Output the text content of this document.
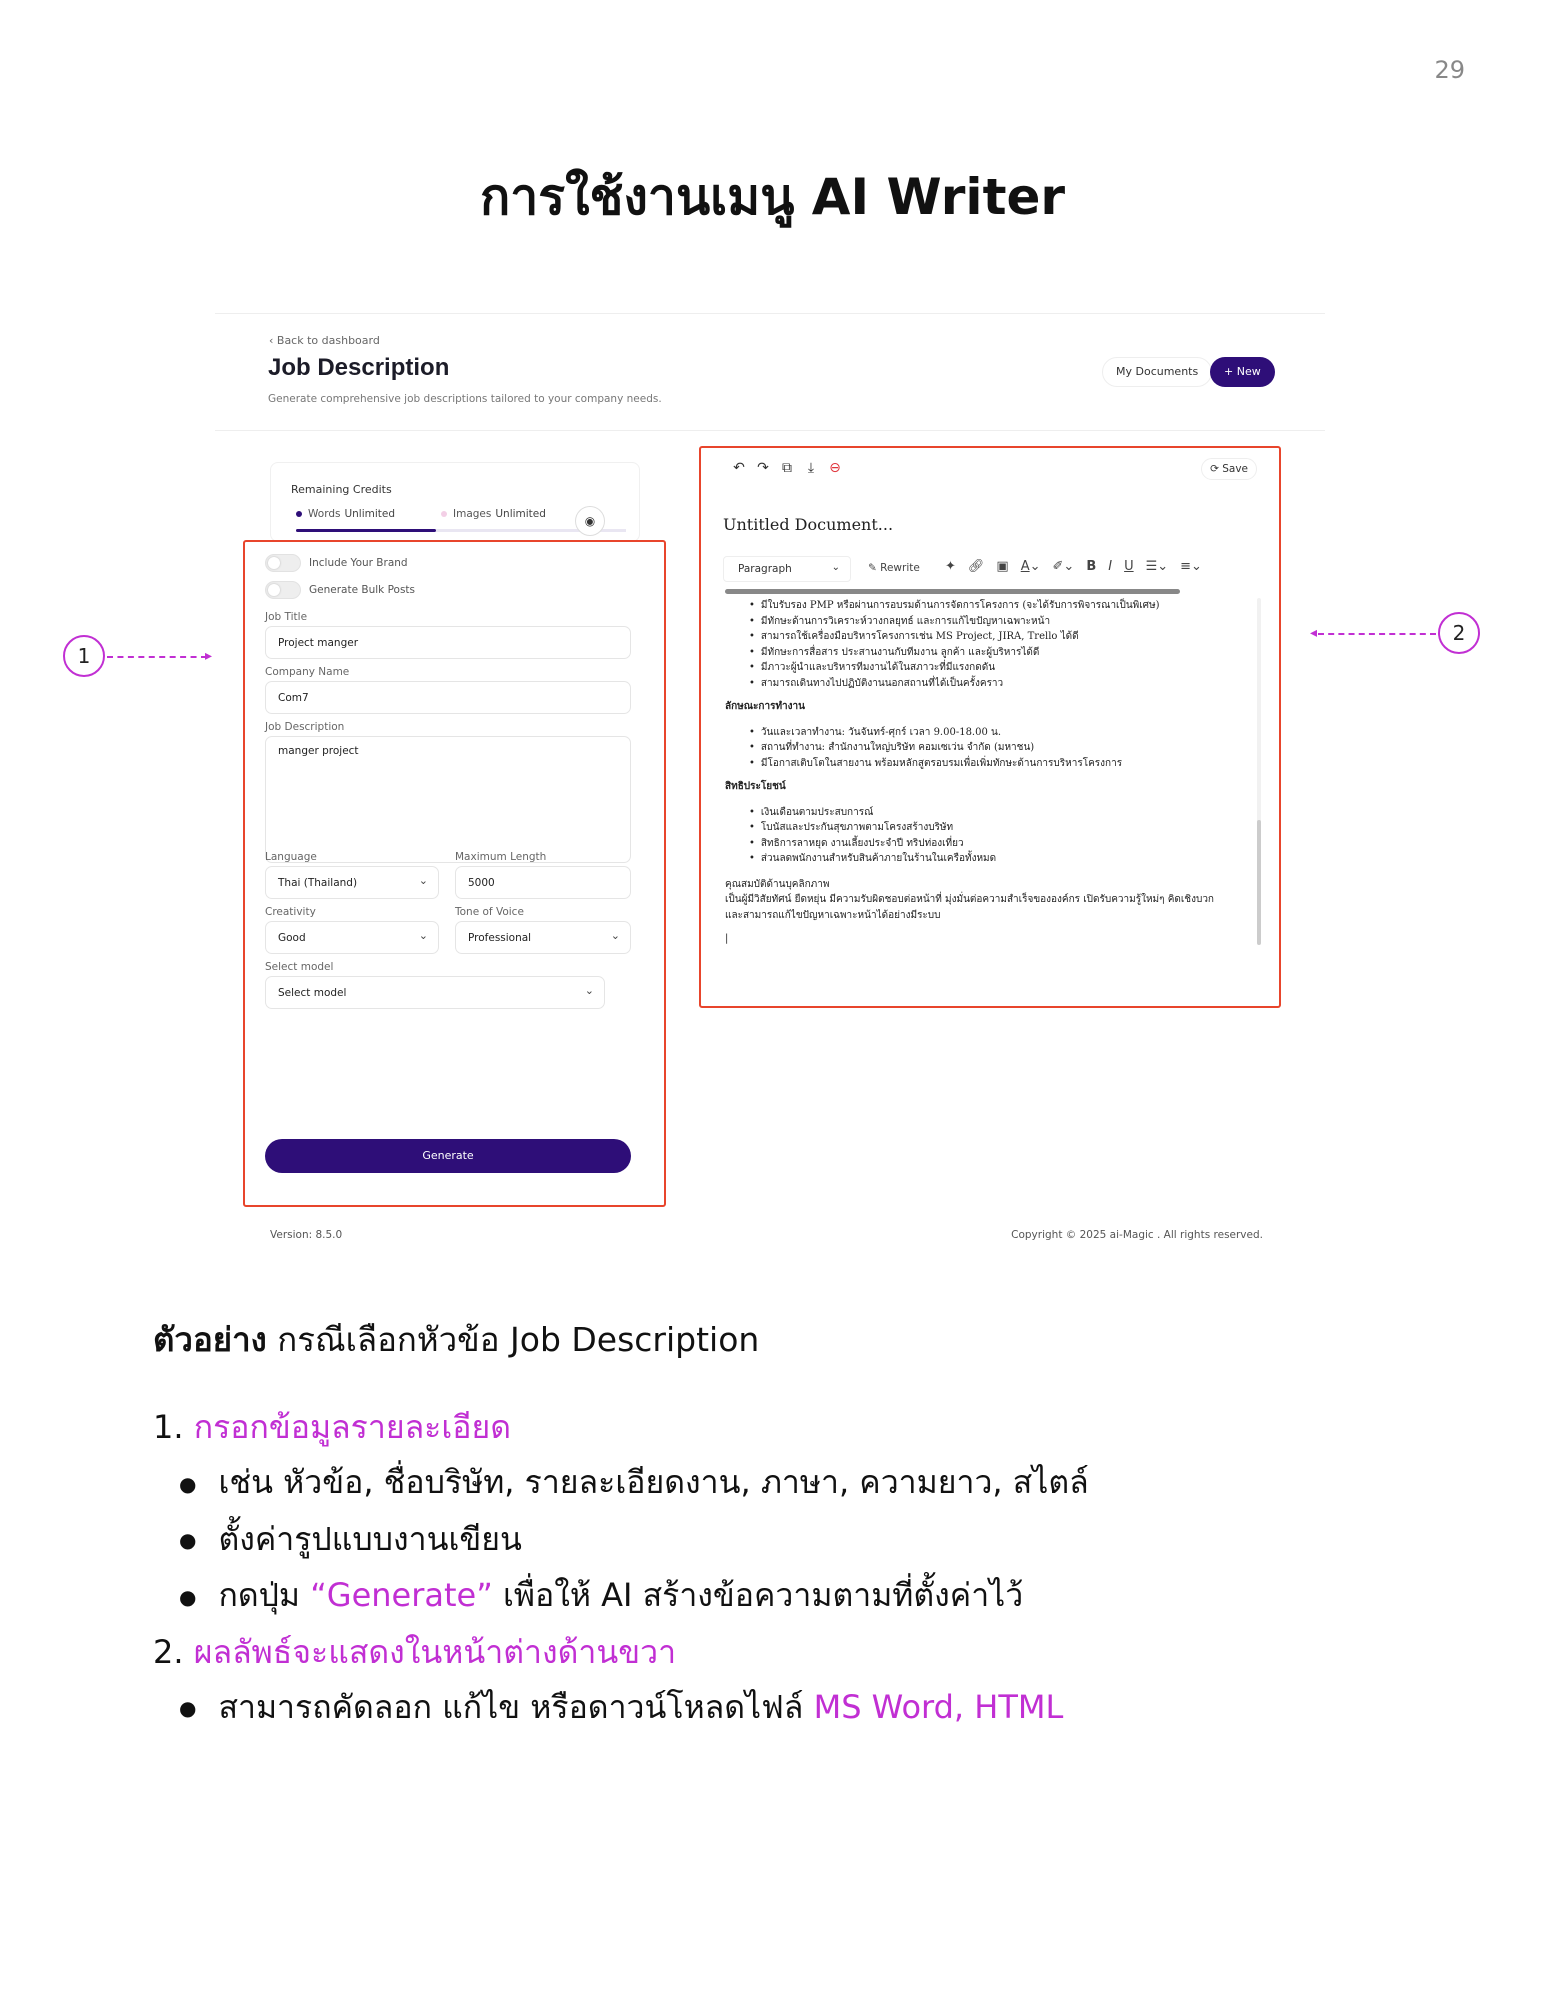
29
การใช้งานเมนู AI Writer
‹ Back to dashboard
Job Description
Generate comprehensive job descriptions tailored to your company needs.
My Documents	+ New
Remaining Credits
Words Unlimited	Images Unlimited	◉
Include Your Brand
Generate Bulk Posts
Job Title
Project manger
Company Name
Com7
Job Description
manger project
Language
Thai (Thailand)	⌄
Maximum Length
5000
Creativity
Good	⌄
Tone of Voice
Professional	⌄
Select model
Select model	⌄
Generate
↶ ↷ ⧉ ⤓ ⊖	⟳ Save
Untitled Document...
Paragraph	⌄	✎ Rewrite ✦ 🔗︎ ▣ A⌄ ✐⌄ B I U ☰⌄ ≡⌄
• มีใบรับรอง PMP หรือผ่านการอบรมด้านการจัดการโครงการ (จะได้รับการพิจารณาเป็นพิเศษ)
• มีทักษะด้านการวิเคราะห์วางกลยุทธ์ และการแก้ไขปัญหาเฉพาะหน้า
• สามารถใช้เครื่องมือบริหารโครงการเช่น MS Project, JIRA, Trello ได้ดี
• มีทักษะการสื่อสาร ประสานงานกับทีมงาน ลูกค้า และผู้บริหารได้ดี
• มีภาวะผู้นำและบริหารทีมงานได้ในสภาวะที่มีแรงกดดัน
• สามารถเดินทางไปปฏิบัติงานนอกสถานที่ได้เป็นครั้งคราว
ลักษณะการทำงาน
• วันและเวลาทำงาน: วันจันทร์-ศุกร์ เวลา 9.00-18.00 น.
• สถานที่ทำงาน: สำนักงานใหญ่บริษัท คอมเซเว่น จำกัด (มหาชน)
• มีโอกาสเติบโตในสายงาน พร้อมหลักสูตรอบรมเพื่อเพิ่มทักษะด้านการบริหารโครงการ
สิทธิประโยชน์
• เงินเดือนตามประสบการณ์
• โบนัสและประกันสุขภาพตามโครงสร้างบริษัท
• สิทธิการลาหยุด งานเลี้ยงประจำปี ทริปท่องเที่ยว
• ส่วนลดพนักงานสำหรับสินค้าภายในร้านในเครือทั้งหมด
คุณสมบัติด้านบุคลิกภาพ
เป็นผู้มีวิสัยทัศน์ ยืดหยุ่น มีความรับผิดชอบต่อหน้าที่ มุ่งมั่นต่อความสำเร็จขององค์กร เปิดรับความรู้ใหม่ๆ คิดเชิงบวก และสามารถแก้ไขปัญหาเฉพาะหน้าได้อย่างมีระบบ
|
Version: 8.5.0	Copyright © 2025 ai-Magic . All rights reserved.
1	▸
2
◂
ตัวอย่าง กรณีเลือกหัวข้อ Job Description
1. กรอกข้อมูลรายละเอียด
● เช่น หัวข้อ, ชื่อบริษัท, รายละเอียดงาน, ภาษา, ความยาว, สไตล์
● ตั้งค่ารูปแบบงานเขียน
● กดปุ่ม “Generate” เพื่อให้ AI สร้างข้อความตามที่ตั้งค่าไว้
2. ผลลัพธ์จะแสดงในหน้าต่างด้านขวา
● สามารถคัดลอก แก้ไข หรือดาวน์โหลดไฟล์ MS Word, HTML
